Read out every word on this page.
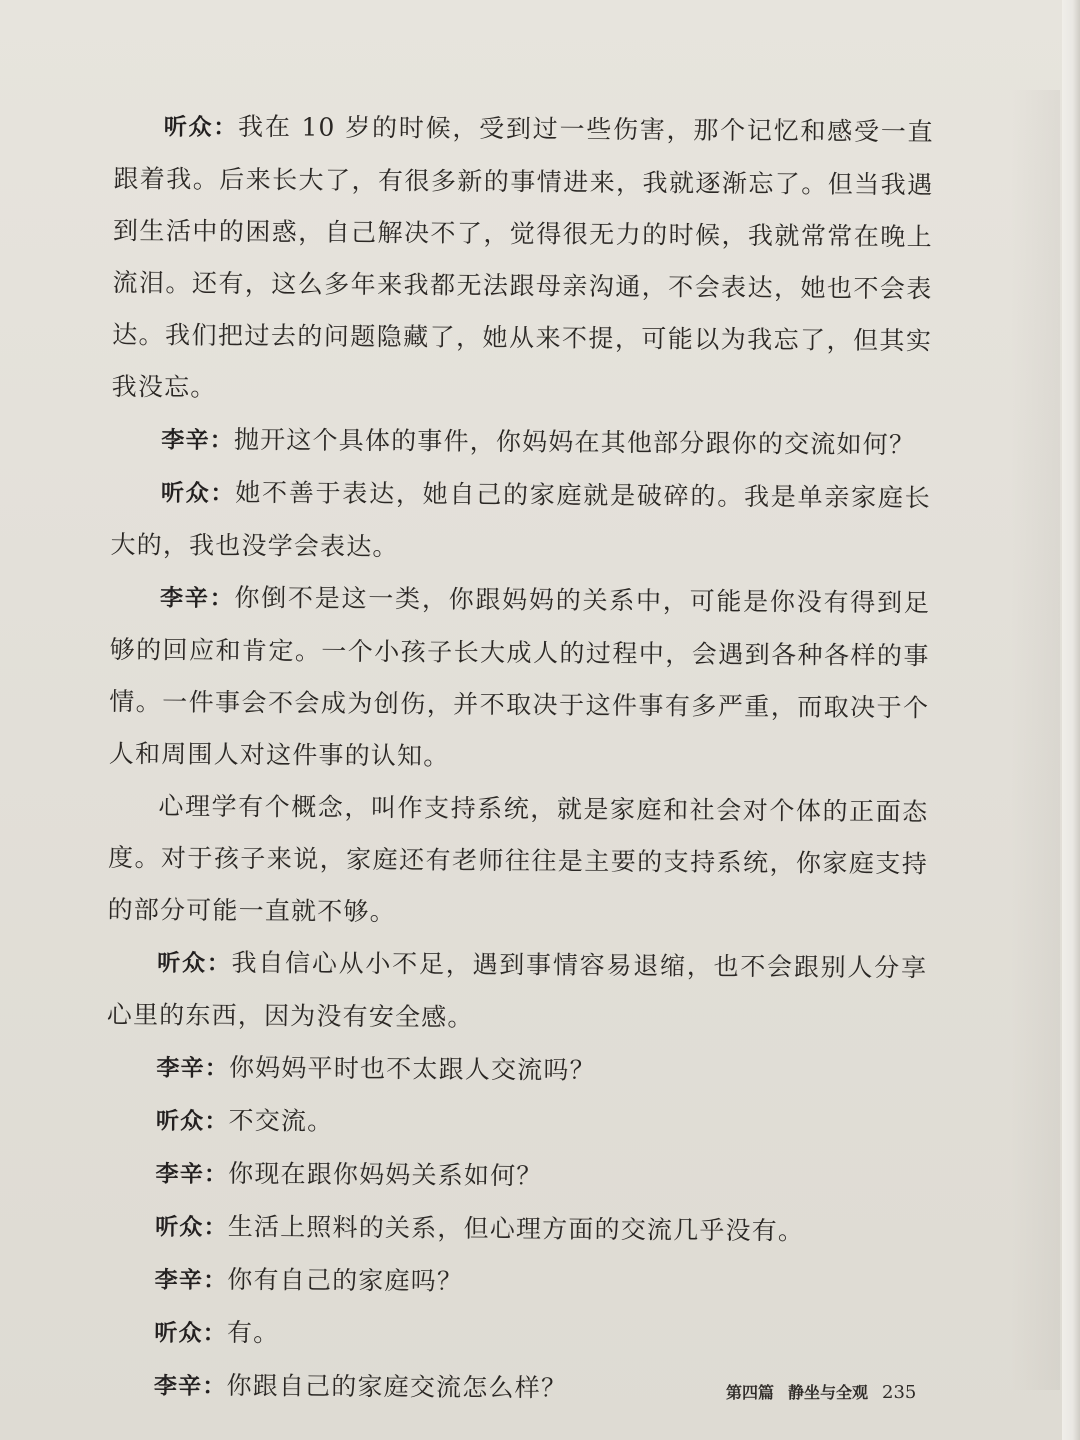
听众：我在 10 岁的时候，受到过一些伤害，那个记忆和感受一直跟着我。后来长大了，有很多新的事情进来，我就逐渐忘了。但当我遇到生活中的困惑，自己解决不了，觉得很无力的时候，我就常常在晚上流泪。还有，这么多年来我都无法跟母亲沟通，不会表达，她也不会表达。我们把过去的问题隐藏了，她从来不提，可能以为我忘了，但其实我没忘。

李辛：抛开这个具体的事件，你妈妈在其他部分跟你的交流如何？

听众：她不善于表达，她自己的家庭就是破碎的。我是单亲家庭长大的，我也没学会表达。

李辛：你倒不是这一类，你跟妈妈的关系中，可能是你没有得到足够的回应和肯定。一个小孩子长大成人的过程中，会遇到各种各样的事情。一件事会不会成为创伤，并不取决于这件事有多严重，而取决于个人和周围人对这件事的认知。

心理学有个概念，叫作支持系统，就是家庭和社会对个体的正面态度。对于孩子来说，家庭还有老师往往是主要的支持系统，你家庭支持的部分可能一直就不够。

听众：我自信心从小不足，遇到事情容易退缩，也不会跟别人分享心里的东西，因为没有安全感。

李辛：你妈妈平时也不太跟人交流吗？

听众：不交流。

李辛：你现在跟你妈妈关系如何？

听众：生活上照料的关系，但心理方面的交流几乎没有。

李辛：你有自己的家庭吗？

听众：有。

李辛：你跟自己的家庭交流怎么样？	第四篇 静坐与全观 235
